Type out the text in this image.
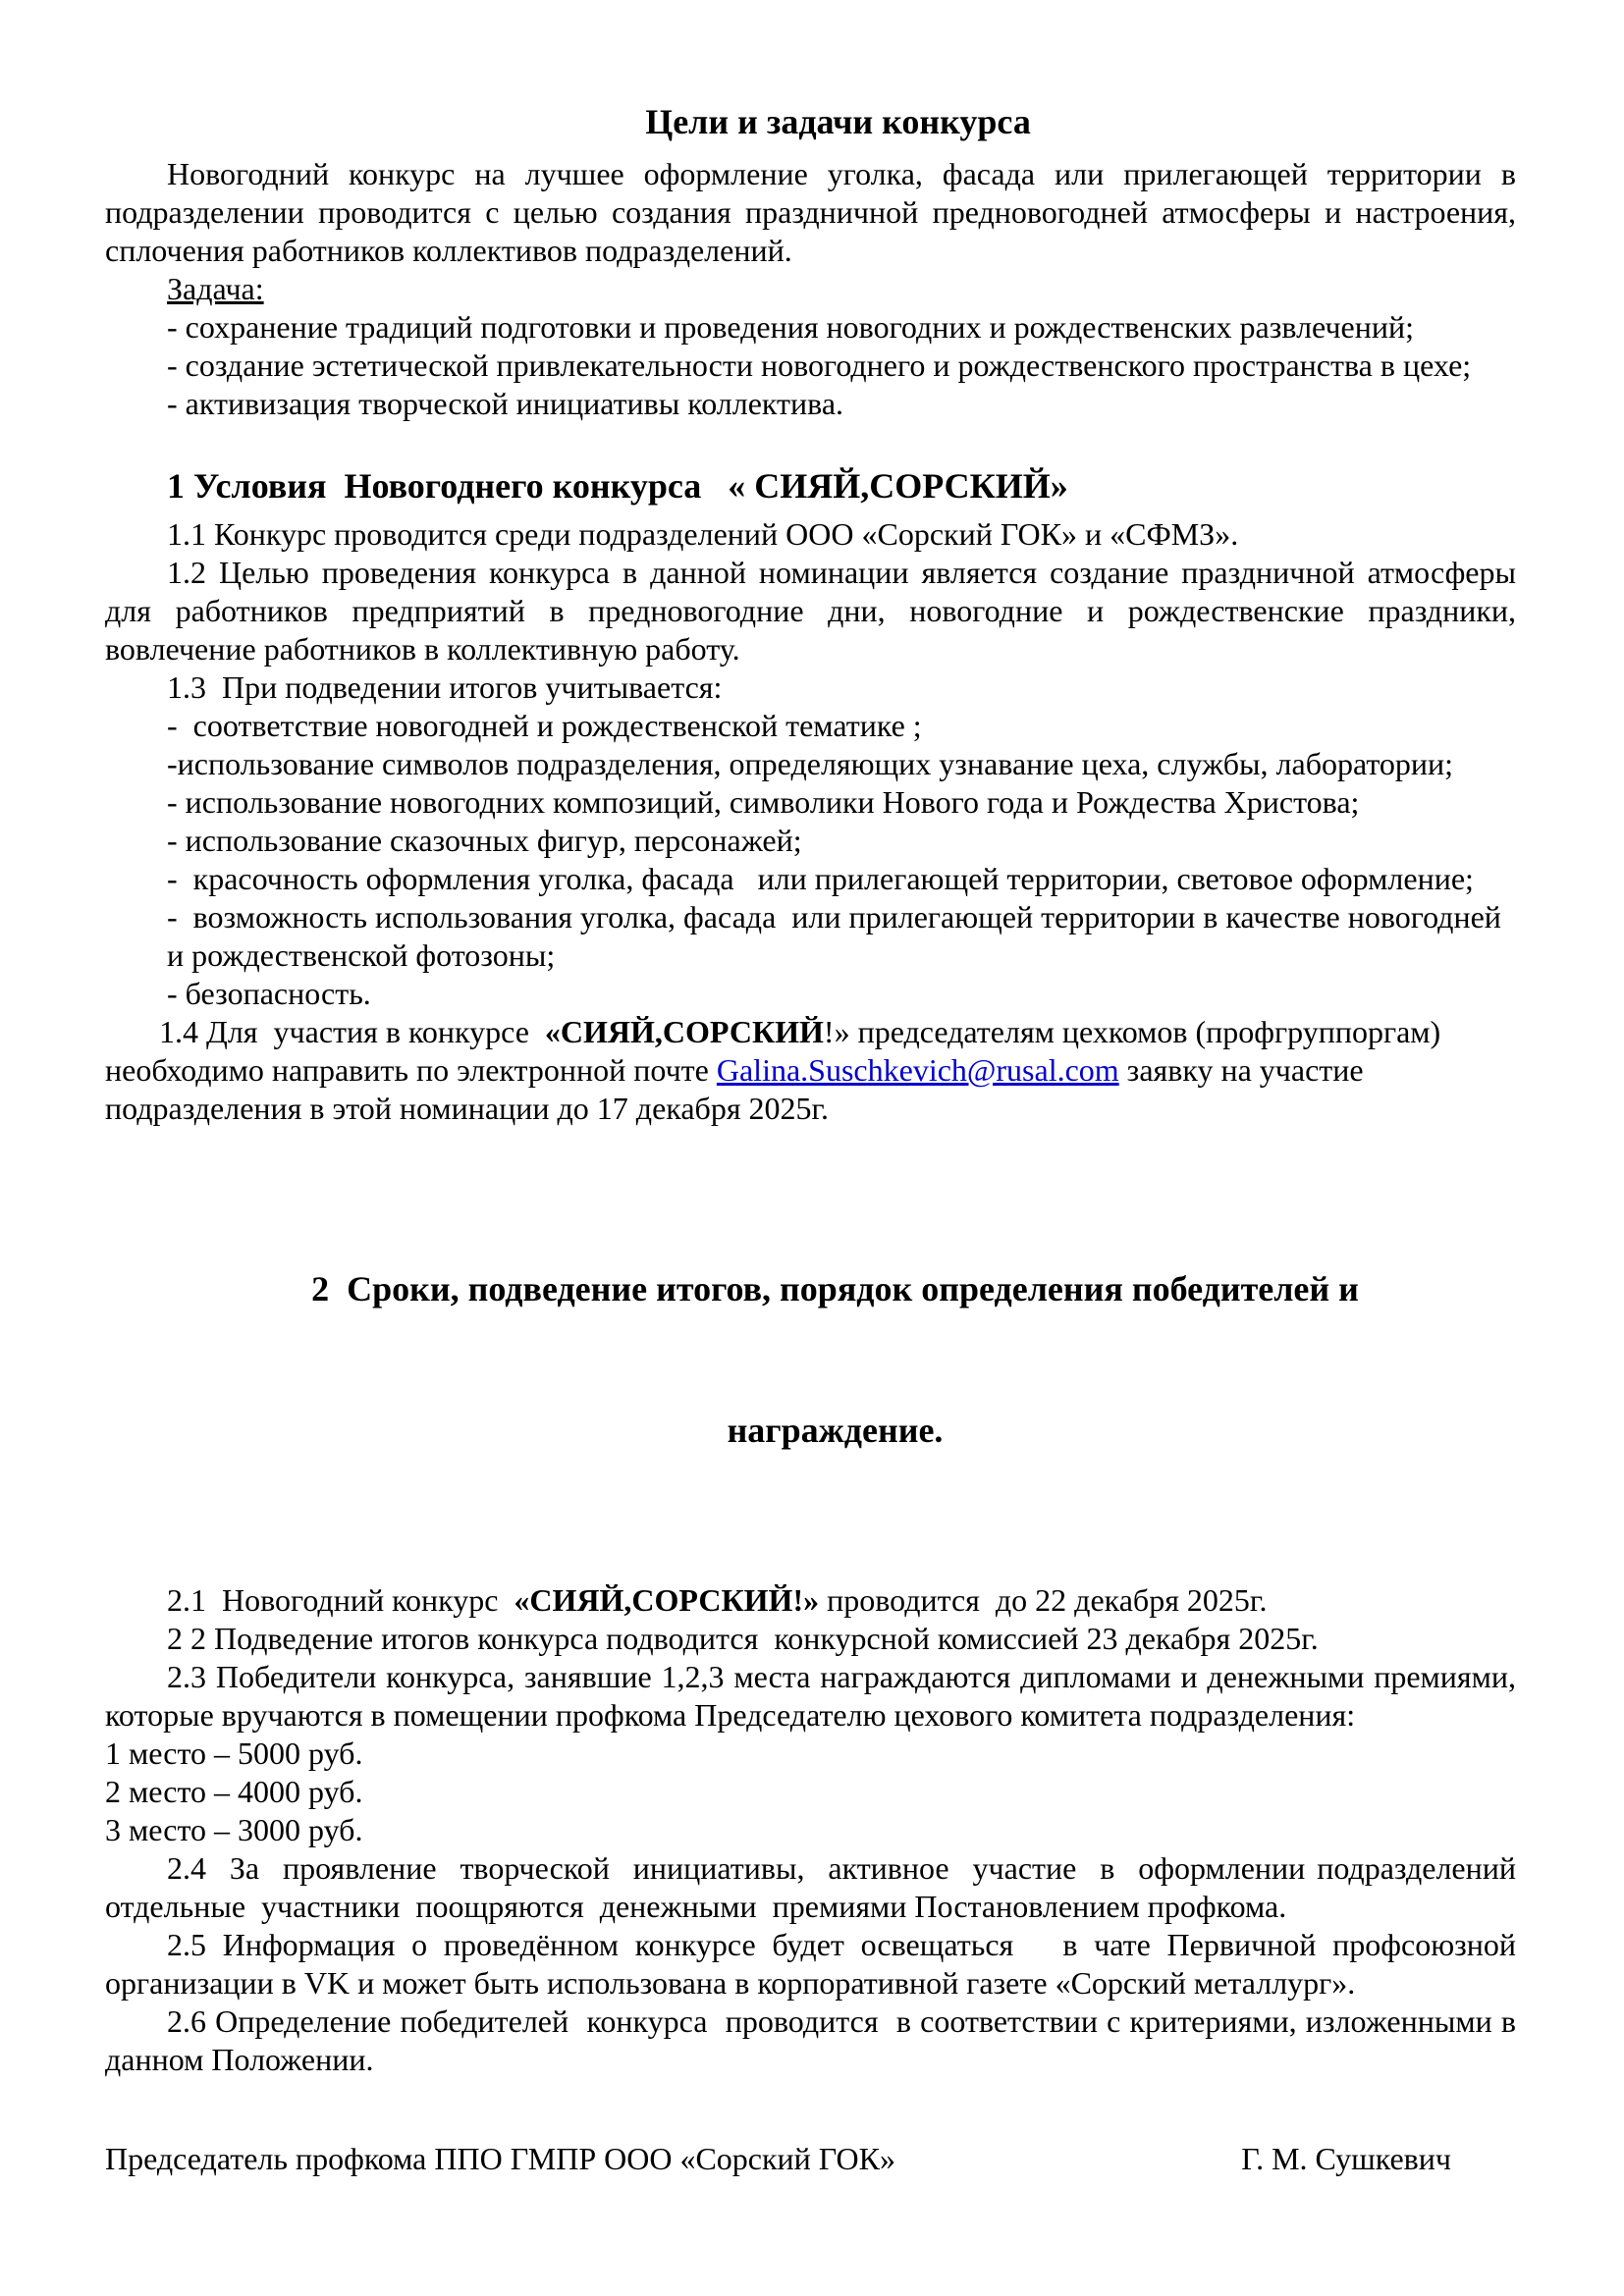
Цели и задачи конкурса

Новогодний конкурс на лучшее оформление уголка, фасада или прилегающей территории в подразделении проводится с целью создания праздничной предновогодней атмосферы и настроения, сплочения работников коллективов подразделений.

Задача:

- сохранение традиций подготовки и проведения новогодних и рождественских развлечений;

- создание эстетической привлекательности новогоднего и рождественского пространства в цехе;

- активизация творческой инициативы коллектива.

1 Условия  Новогоднего конкурса   « СИЯЙ,СОРСКИЙ»

1.1 Конкурс проводится среди подразделений ООО «Сорский ГОК» и «СФМЗ».

1.2 Целью проведения конкурса в данной номинации является создание праздничной атмосферы для работников предприятий в предновогодние дни, новогодние и рождественские праздники, вовлечение работников в коллективную работу.

1.3  При подведении итогов учитывается:

-  соответствие новогодней и рождественской тематике ;

-использование символов подразделения, определяющих узнавание цеха, службы, лаборатории;

- использование новогодних композиций, символики Нового года и Рождества Христова;

- использование сказочных фигур, персонажей;

-  красочность оформления уголка, фасада   или прилегающей территории, световое оформление;

-  возможность использования уголка, фасада  или прилегающей территории в качестве новогодней и рождественской фотозоны;

- безопасность.

1.4 Для  участия в конкурсе  «СИЯЙ,СОРСКИЙ!» председателям цехкомов (профгруппоргам) необходимо направить по электронной почте Galina.Suschkevich@rusal.com заявку на участие  подразделения в этой номинации до 17 декабря 2025г.

2  Сроки, подведение итогов, порядок определения победителей и

награждение.

2.1  Новогодний конкурс  «СИЯЙ,СОРСКИЙ!» проводится  до 22 декабря 2025г.

2 2 Подведение итогов конкурса подводится  конкурсной комиссией 23 декабря 2025г.

2.3 Победители конкурса, занявшие 1,2,3 места награждаются дипломами и денежными премиями, которые вручаются в помещении профкома Председателю цехового комитета подразделения:

1 место – 5000 руб.

2 место – 4000 руб.

3 место – 3000 руб.

2.4  За  проявление  творческой  инициативы,  активное  участие  в  оформлении подразделений  отдельные  участники  поощряются  денежными  премиями Постановлением профкома.

2.5 Информация о проведённом конкурсе будет освещаться   в чате Первичной профсоюзной организации в VK и может быть использована в корпоративной газете «Сорский металлург».

2.6 Определение победителей  конкурса  проводится  в соответствии с критериями, изложенными в данном Положении.

Председатель профкома ППО ГМПР ООО «Сорский ГОК»	Г. М. Сушкевич
